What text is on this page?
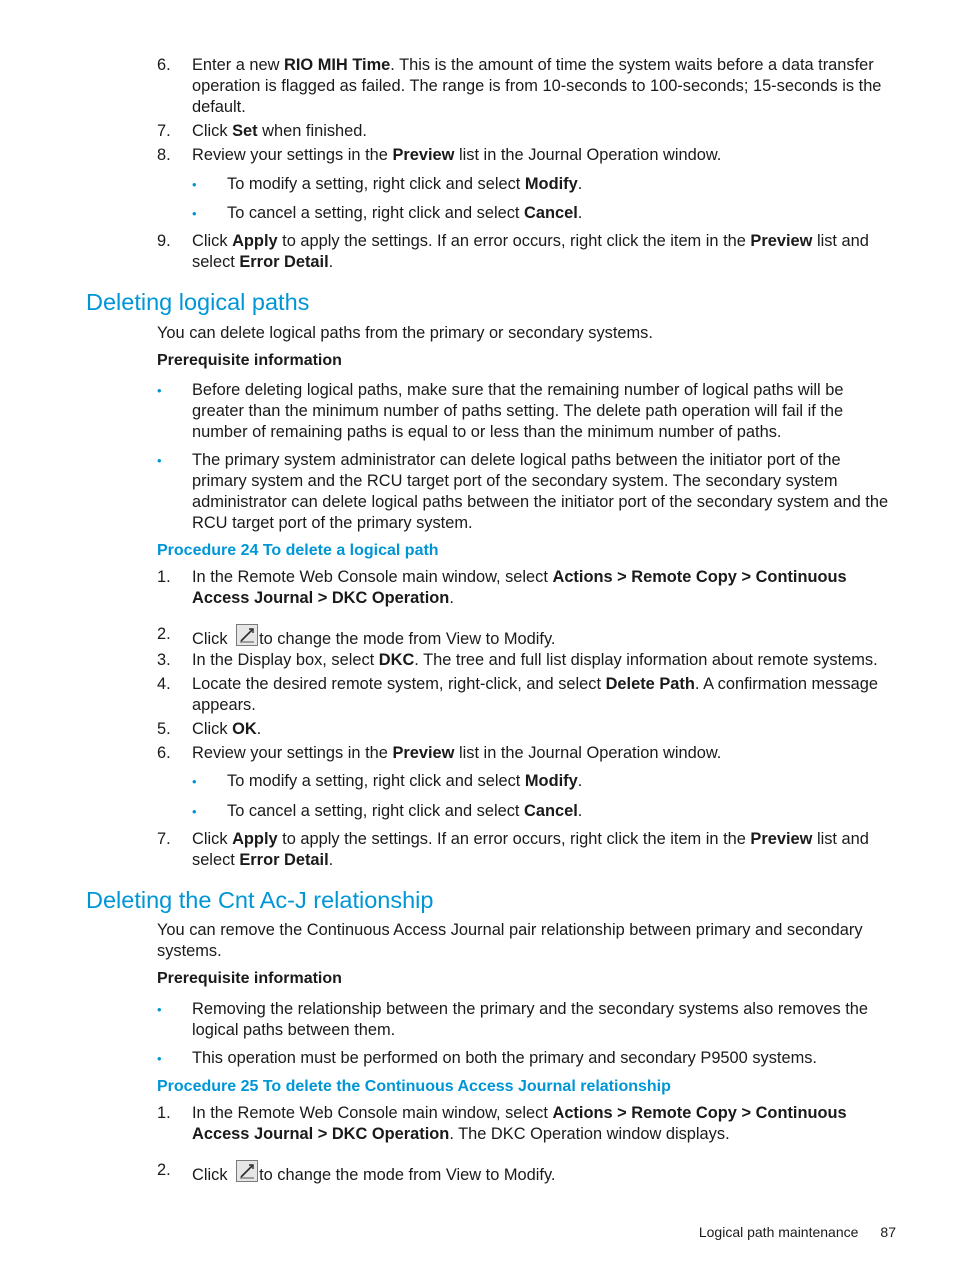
6.	Enter a new RIO MIH Time. This is the amount of time the system waits before a data transfer operation is flagged as failed. The range is from 10-seconds to 100-seconds; 15-seconds is the default.
7.	Click Set when finished.
8.	Review your settings in the Preview list in the Journal Operation window.
• To modify a setting, right click and select Modify.
• To cancel a setting, right click and select Cancel.
9.	Click Apply to apply the settings. If an error occurs, right click the item in the Preview list and select Error Detail.
Deleting logical paths
You can delete logical paths from the primary or secondary systems.
Prerequisite information
•	Before deleting logical paths, make sure that the remaining number of logical paths will be greater than the minimum number of paths setting. The delete path operation will fail if the number of remaining paths is equal to or less than the minimum number of paths.
•	The primary system administrator can delete logical paths between the initiator port of the primary system and the RCU target port of the secondary system. The secondary system administrator can delete logical paths between the initiator port of the secondary system and the RCU target port of the primary system.
Procedure 24 To delete a logical path
1.	In the Remote Web Console main window, select Actions > Remote Copy > Continuous Access Journal > DKC Operation.
2.	Click
to change the mode from View to Modify.
3.	In the Display box, select DKC. The tree and full list display information about remote systems.
4.	Locate the desired remote system, right-click, and select Delete Path. A confirmation message appears.
5.	Click OK.
6.	Review your settings in the Preview list in the Journal Operation window.
• To modify a setting, right click and select Modify.
• To cancel a setting, right click and select Cancel.
7.	Click Apply to apply the settings. If an error occurs, right click the item in the Preview list and select Error Detail.
Deleting the Cnt Ac-J relationship
You can remove the Continuous Access Journal pair relationship between primary and secondary systems.
Prerequisite information
•	Removing the relationship between the primary and the secondary systems also removes the logical paths between them.
•	This operation must be performed on both the primary and secondary P9500 systems.
Procedure 25 To delete the Continuous Access Journal relationship
1.	In the Remote Web Console main window, select Actions > Remote Copy > Continuous Access Journal > DKC Operation. The DKC Operation window displays.
2.	Click
to change the mode from View to Modify.
Logical path maintenance 87
